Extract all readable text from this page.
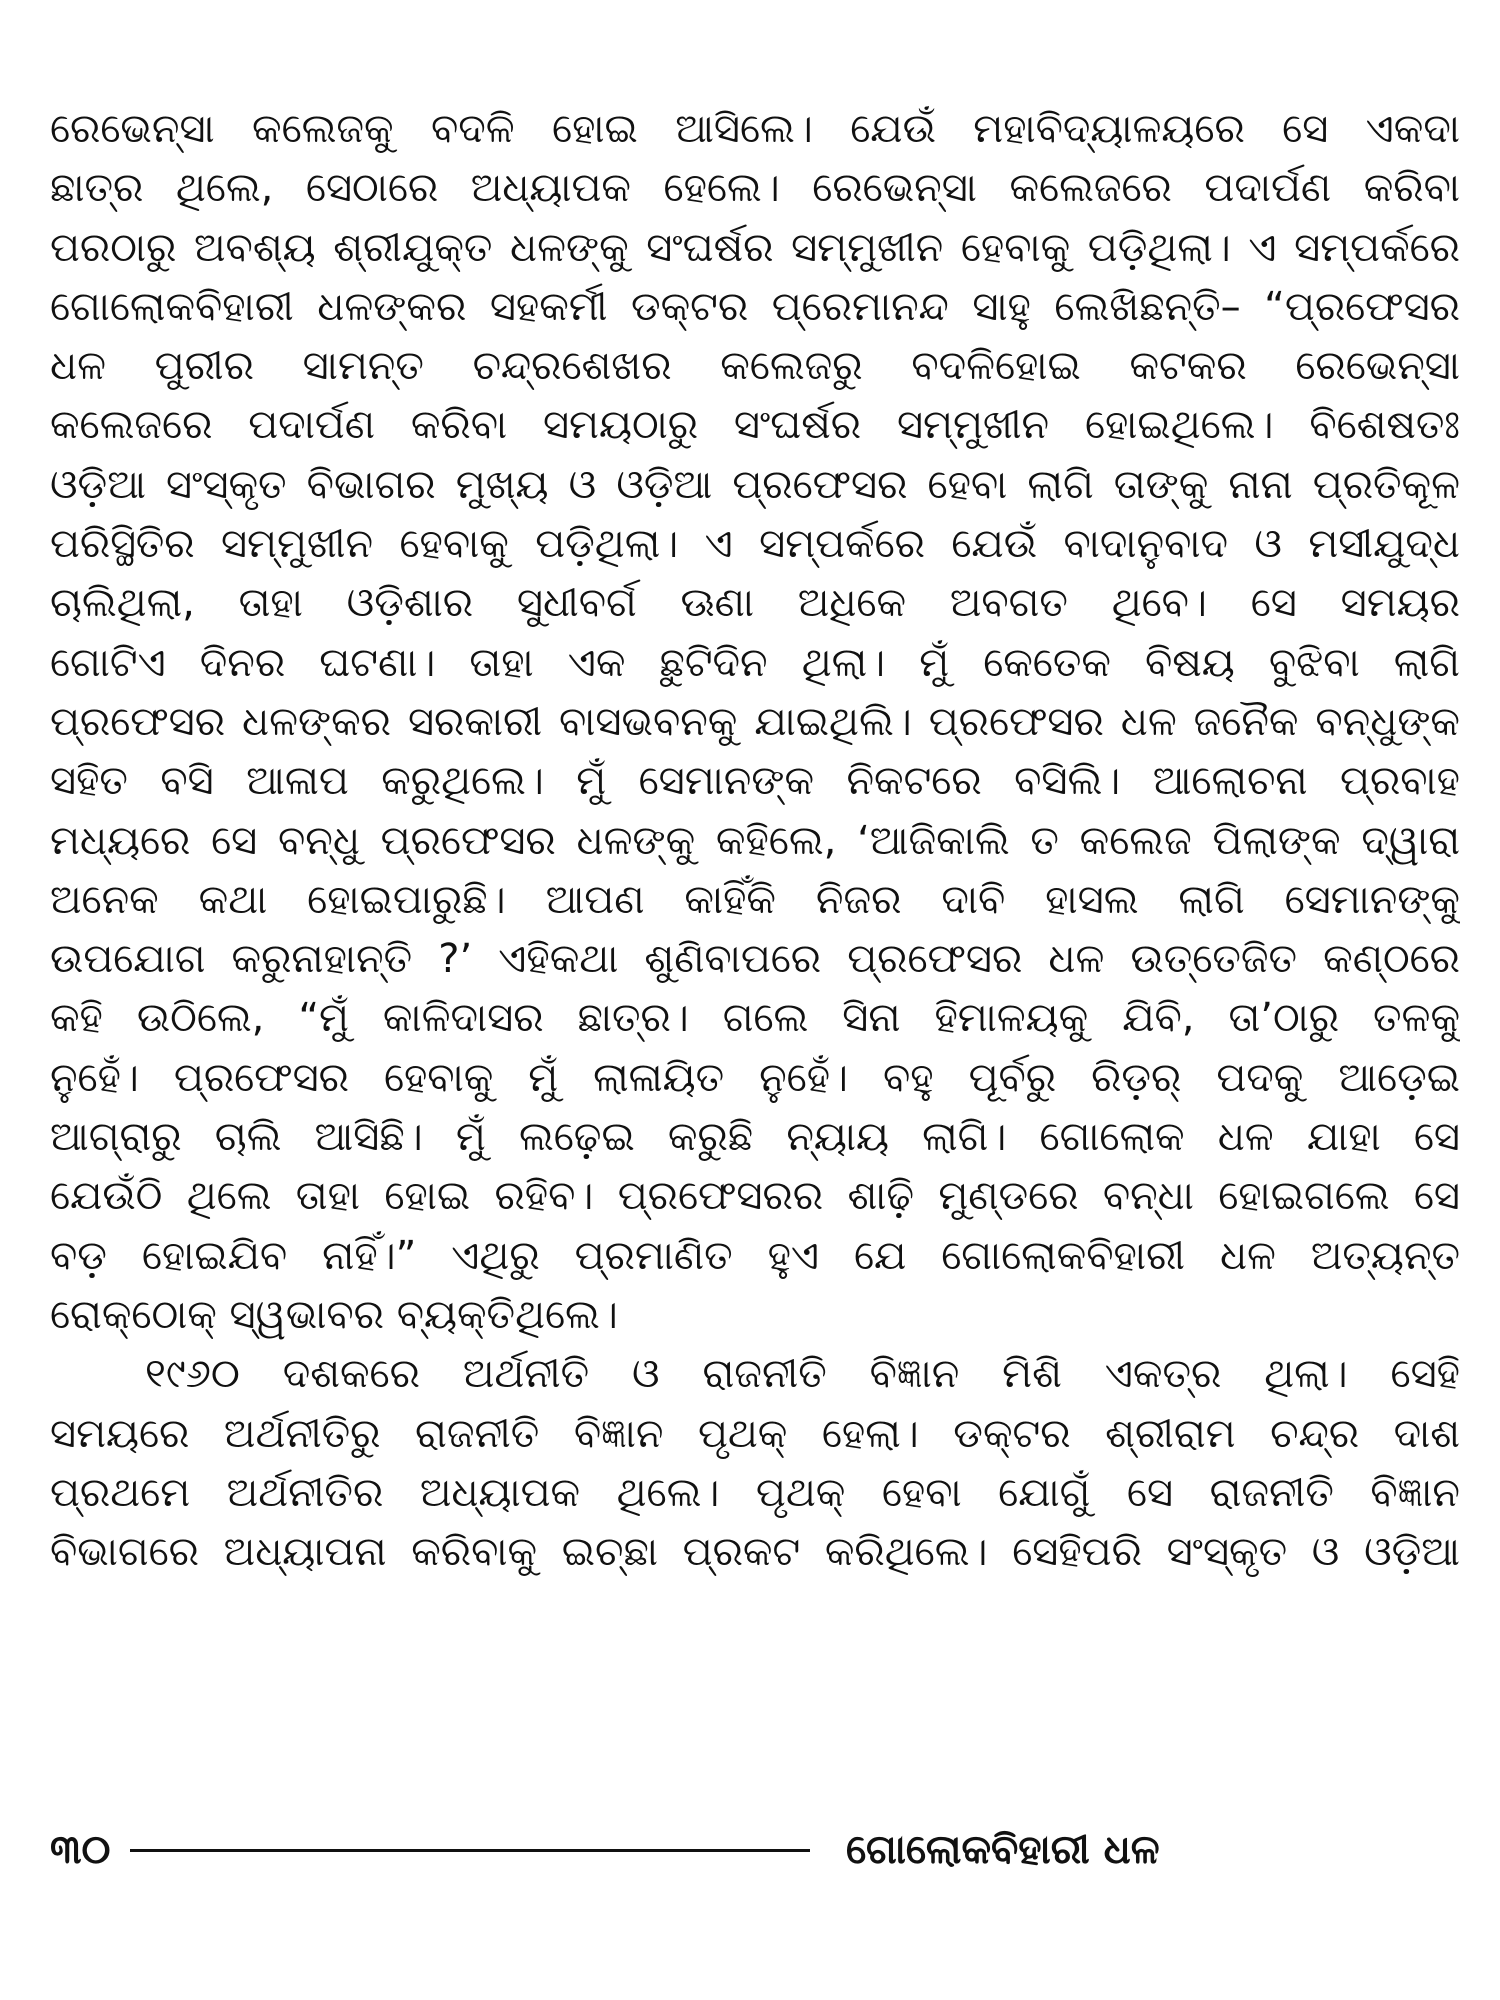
ରେଭେନ୍ସା କଲେଜକୁ ବଦଳି ହୋଇ ଆସିଲେ। ଯେଉଁ ମହାବିଦ୍ୟାଳୟରେ ସେ ଏକଦା
ଛାତ୍ର ଥିଲେ, ସେଠାରେ ଅଧ୍ୟାପକ ହେଲେ। ରେଭେନ୍ସା କଲେଜରେ ପଦାର୍ପଣ କରିବା
ପରଠାରୁ ଅବଶ୍ୟ ଶ୍ରୀଯୁକ୍ତ ଧଳଙ୍କୁ ସଂଘର୍ଷର ସମ୍ମୁଖୀନ ହେବାକୁ ପଡ଼ିଥିଲା। ଏ ସମ୍ପର୍କରେ
ଗୋଲୋକବିହାରୀ ଧଳଙ୍କର ସହକର୍ମୀ ଡକ୍ଟର ପ୍ରେମାନନ୍ଦ ସାହୁ ଲେଖିଛନ୍ତି– “ପ୍ରଫେସର
ଧଳ ପୁରୀର ସାମନ୍ତ ଚନ୍ଦ୍ରଶେଖର କଲେଜରୁ ବଦଳିହୋଇ କଟକର ରେଭେନ୍ସା
କଲେଜରେ ପଦାର୍ପଣ କରିବା ସମୟଠାରୁ ସଂଘର୍ଷର ସମ୍ମୁଖୀନ ହୋଇଥିଲେ। ବିଶେଷତଃ
ଓଡ଼ିଆ ସଂସ୍କୃତ ବିଭାଗର ମୁଖ୍ୟ ଓ ଓଡ଼ିଆ ପ୍ରଫେସର ହେବା ଲାଗି ତାଙ୍କୁ ନାନା ପ୍ରତିକୂଳ
ପରିସ୍ଥିତିର ସମ୍ମୁଖୀନ ହେବାକୁ ପଡ଼ିଥିଲା। ଏ ସମ୍ପର୍କରେ ଯେଉଁ ବାଦାନୁବାଦ ଓ ମସୀଯୁଦ୍ଧ
ଚାଲିଥିଲା, ତାହା ଓଡ଼ିଶାର ସୁଧୀବର୍ଗ ଊଣା ଅଧିକେ ଅବଗତ ଥିବେ। ସେ ସମୟର
ଗୋଟିଏ ଦିନର ଘଟଣା। ତାହା ଏକ ଛୁଟିଦିନ ଥିଲା। ମୁଁ କେତେକ ବିଷୟ ବୁଝିବା ଲାଗି
ପ୍ରଫେସର ଧଳଙ୍କର ସରକାରୀ ବାସଭବନକୁ ଯାଇଥିଲି। ପ୍ରଫେସର ଧଳ ଜନୈକ ବନ୍ଧୁଙ୍କ
ସହିତ ବସି ଆଳାପ କରୁଥିଲେ। ମୁଁ ସେମାନଙ୍କ ନିକଟରେ ବସିଲି। ଆଲୋଚନା ପ୍ରବାହ
ମଧ୍ୟରେ ସେ ବନ୍ଧୁ ପ୍ରଫେସର ଧଳଙ୍କୁ କହିଲେ, ‘ଆଜିକାଲି ତ କଲେଜ ପିଲାଙ୍କ ଦ୍ୱାରା
ଅନେକ କଥା ହୋଇପାରୁଛି। ଆପଣ କାହିଁକି ନିଜର ଦାବି ହାସଲ ଲାଗି ସେମାନଙ୍କୁ
ଉପଯୋଗ କରୁନାହାନ୍ତି ?’ ଏହିକଥା ଶୁଣିବାପରେ ପ୍ରଫେସର ଧଳ ଉତ୍ତେଜିତ କଣ୍ଠରେ
କହି ଉଠିଲେ, “ମୁଁ କାଳିଦାସର ଛାତ୍ର। ଗଲେ ସିନା ହିମାଳୟକୁ ଯିବି, ତା’ଠାରୁ ତଳକୁ
ନୁହେଁ। ପ୍ରଫେସର ହେବାକୁ ମୁଁ ଲାଳାୟିତ ନୁହେଁ। ବହୁ ପୂର୍ବରୁ ରିଡ଼ର୍ ପଦକୁ ଆଡ଼େଇ
ଆଗ୍ରାରୁ ଚାଲି ଆସିଛି। ମୁଁ ଲଢ଼େଇ କରୁଛି ନ୍ୟାୟ ଲାଗି। ଗୋଲୋକ ଧଳ ଯାହା ସେ
ଯେଉଁଠି ଥିଲେ ତାହା ହୋଇ ରହିବ। ପ୍ରଫେସରର ଶାଢ଼ି ମୁଣ୍ଡରେ ବନ୍ଧା ହୋଇଗଲେ ସେ
ବଡ଼ ହୋଇଯିବ ନାହିଁ।” ଏଥିରୁ ପ୍ରମାଣିତ ହୁଏ ଯେ ଗୋଲୋକବିହାରୀ ଧଳ ଅତ୍ୟନ୍ତ
ରୋକ୍‌ଠୋକ୍ ସ୍ୱଭାବର ବ୍ୟକ୍ତିଥିଲେ।
୧୯୬୦ ଦଶକରେ ଅର୍ଥନୀତି ଓ ରାଜନୀତି ବିଜ୍ଞାନ ମିଶି ଏକତ୍ର ଥିଲା। ସେହି
ସମୟରେ ଅର୍ଥନୀତିରୁ ରାଜନୀତି ବିଜ୍ଞାନ ପୃଥକ୍ ହେଲା। ଡକ୍ଟର ଶ୍ରୀରାମ ଚନ୍ଦ୍ର ଦାଶ
ପ୍ରଥମେ ଅର୍ଥନୀତିର ଅଧ୍ୟାପକ ଥିଲେ। ପୃଥକ୍ ହେବା ଯୋଗୁଁ ସେ ରାଜନୀତି ବିଜ୍ଞାନ
ବିଭାଗରେ ଅଧ୍ୟାପନା କରିବାକୁ ଇଚ୍ଛା ପ୍ରକଟ କରିଥିଲେ। ସେହିପରି ସଂସ୍କୃତ ଓ ଓଡ଼ିଆ
୩୦	ଗୋଲୋକବିହାରୀ ଧଳ
